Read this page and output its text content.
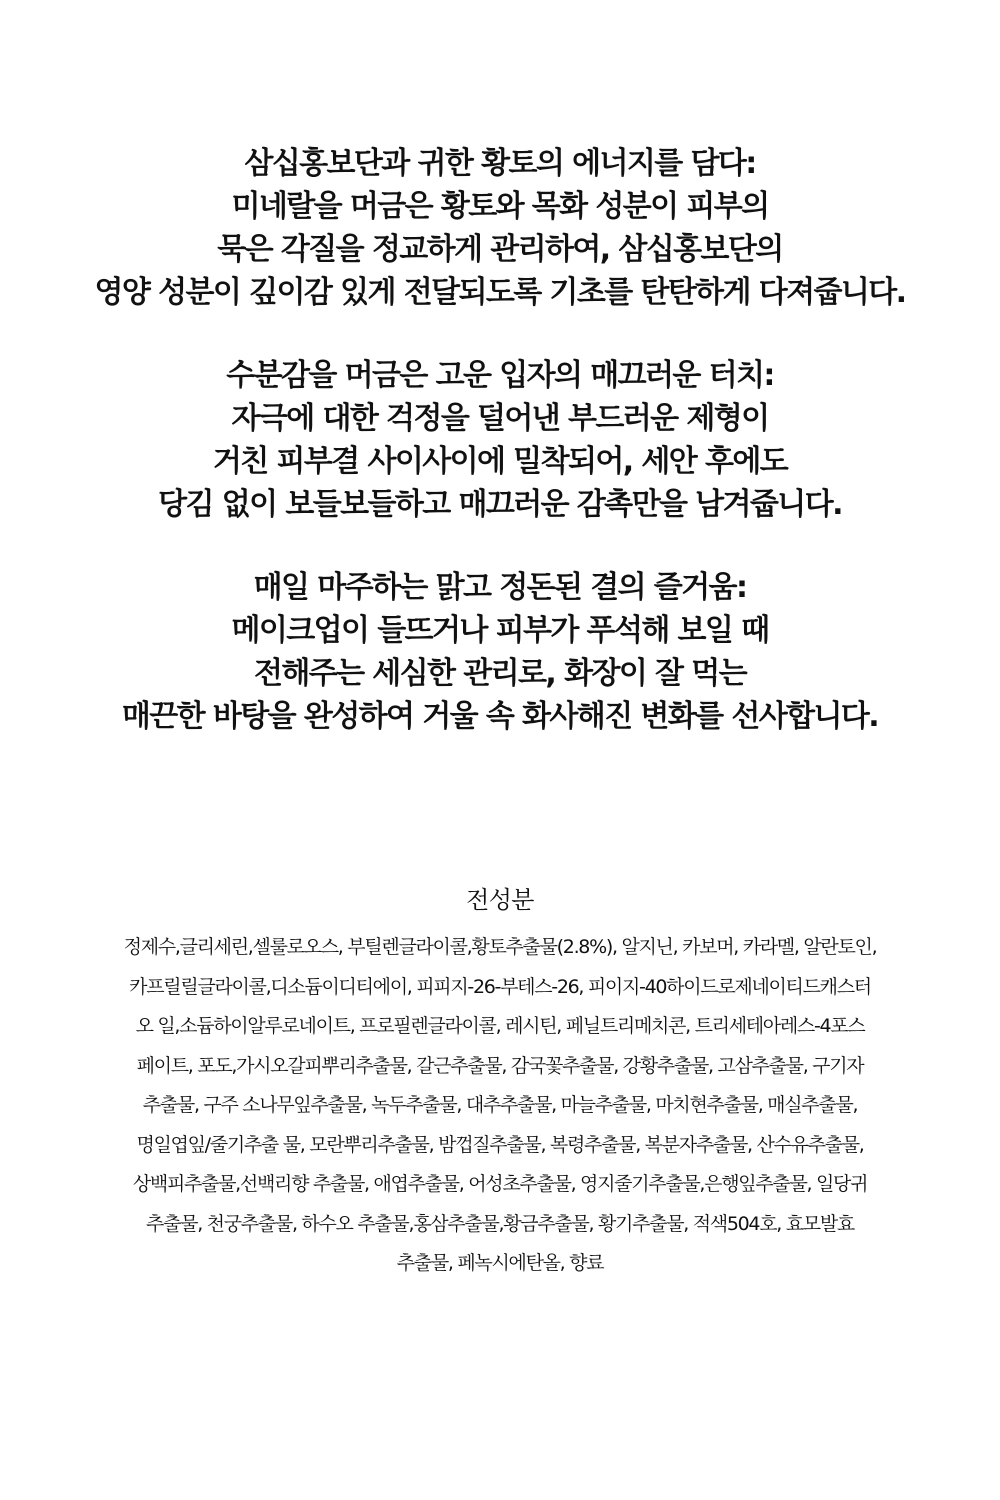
삼십홍보단과 귀한 황토의 에너지를 담다:
미네랄을 머금은 황토와 목화 성분이 피부의
묵은 각질을 정교하게 관리하여, 삼십홍보단의
영양 성분이 깊이감 있게 전달되도록 기초를 탄탄하게 다져줍니다.
수분감을 머금은 고운 입자의 매끄러운 터치:
자극에 대한 걱정을 덜어낸 부드러운 제형이
거친 피부결 사이사이에 밀착되어, 세안 후에도
당김 없이 보들보들하고 매끄러운 감촉만을 남겨줍니다.
매일 마주하는 맑고 정돈된 결의 즐거움:
메이크업이 들뜨거나 피부가 푸석해 보일 때
전해주는 세심한 관리로, 화장이 잘 먹는
매끈한 바탕을 완성하여 거울 속 화사해진 변화를 선사합니다.
전성분
정제수,글리세린,셀룰로오스, 부틸렌글라이콜,황토추출물(2.8%), 알지닌, 카보머, 카라멜, 알란토인,
카프릴릴글라이콜,디소듐이디티에이, 피피지-26-부테스-26, 피이지-40하이드로제네이티드캐스터
오 일,소듐하이알루로네이트, 프로필렌글라이콜, 레시틴, 페닐트리메치콘, 트리세테아레스-4포스
페이트, 포도,가시오갈피뿌리추출물, 갈근추출물, 감국꽃추출물, 강황추출물, 고삼추출물, 구기자
추출물, 구주 소나무잎추출물, 녹두추출물, 대추추출물, 마늘추출물, 마치현추출물, 매실추출물,
명일엽잎/줄기추출 물, 모란뿌리추출물, 밤껍질추출물, 복령추출물, 복분자추출물, 산수유추출물,
상백피추출물,선백리향 추출물, 애엽추출물, 어성초추출물, 영지줄기추출물,은행잎추출물, 일당귀
추출물, 천궁추출물, 하수오 추출물,홍삼추출물,황금추출물, 황기추출물, 적색504호, 효모발효
추출물, 페녹시에탄올, 향료
